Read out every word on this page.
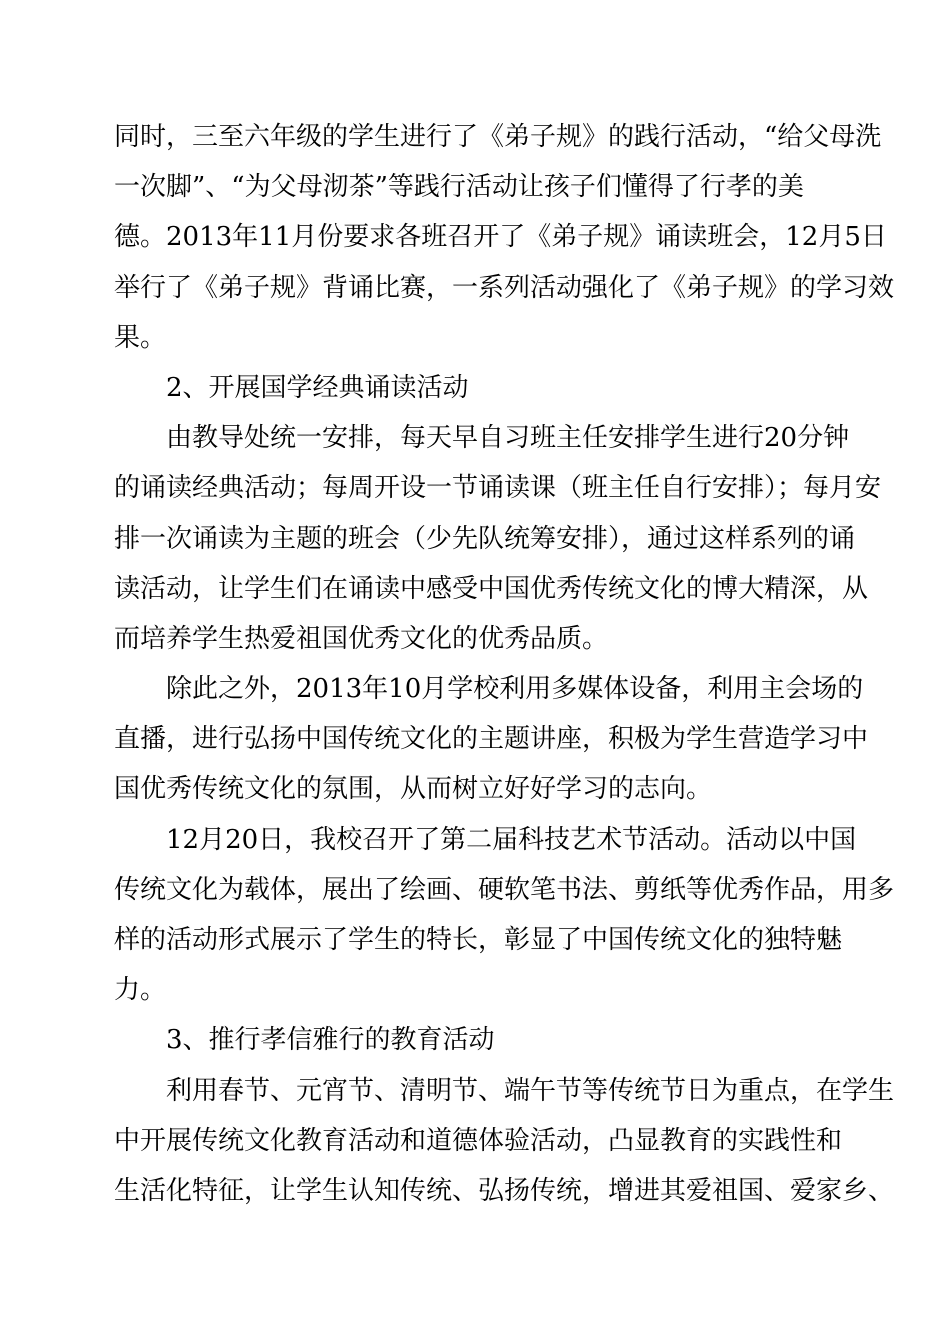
同时，三至六年级的学生进行了《弟子规》的践行活动，“给父母洗
一次脚”、“为父母沏茶”等践行活动让孩子们懂得了行孝的美
德。2013年11月份要求各班召开了《弟子规》诵读班会，12月5日
举行了《弟子规》背诵比赛，一系列活动强化了《弟子规》的学习效
果。
2、开展国学经典诵读活动
由教导处统一安排，每天早自习班主任安排学生进行20分钟
的诵读经典活动；每周开设一节诵读课（班主任自行安排）；每月安
排一次诵读为主题的班会（少先队统筹安排），通过这样系列的诵
读活动，让学生们在诵读中感受中国优秀传统文化的博大精深，从
而培养学生热爱祖国优秀文化的优秀品质。
除此之外，2013年10月学校利用多媒体设备，利用主会场的
直播，进行弘扬中国传统文化的主题讲座，积极为学生营造学习中
国优秀传统文化的氛围，从而树立好好学习的志向。
12月20日，我校召开了第二届科技艺术节活动。活动以中国
传统文化为载体，展出了绘画、硬软笔书法、剪纸等优秀作品，用多
样的活动形式展示了学生的特长，彰显了中国传统文化的独特魅
力。
3、推行孝信雅行的教育活动
利用春节、元宵节、清明节、端午节等传统节日为重点，在学生
中开展传统文化教育活动和道德体验活动，凸显教育的实践性和
生活化特征，让学生认知传统、弘扬传统，增进其爱祖国、爱家乡、
